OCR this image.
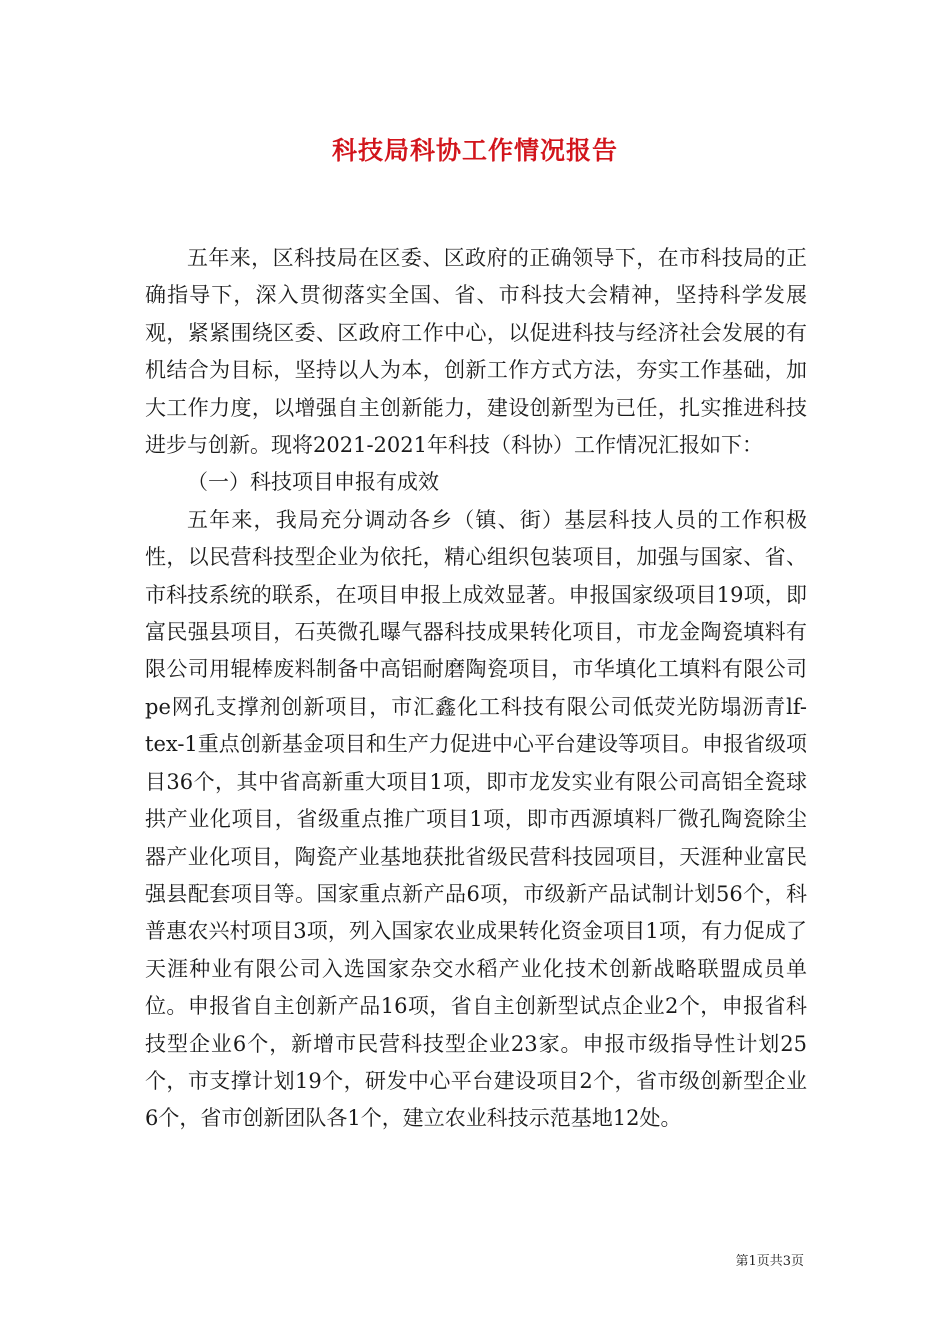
科技局科协工作情况报告

五年来，区科技局在区委、区政府的正确领导下，在市科技局的正确指导下，深入贯彻落实全国、省、市科技大会精神，坚持科学发展观，紧紧围绕区委、区政府工作中心，以促进科技与经济社会发展的有机结合为目标，坚持以人为本，创新工作方式方法，夯实工作基础，加大工作力度，以增强自主创新能力，建设创新型为已任，扎实推进科技进步与创新。现将2021-2021年科技（科协）工作情况汇报如下：

（一）科技项目申报有成效

五年来，我局充分调动各乡（镇、街）基层科技人员的工作积极性，以民营科技型企业为依托，精心组织包装项目，加强与国家、省、市科技系统的联系，在项目申报上成效显著。申报国家级项目19项，即富民强县项目，石英微孔曝气器科技成果转化项目，市龙金陶瓷填料有限公司用辊棒废料制备中高铝耐磨陶瓷项目，市华填化工填料有限公司pe网孔支撑剂创新项目，市汇鑫化工科技有限公司低荧光防塌沥青lf-tex-1重点创新基金项目和生产力促进中心平台建设等项目。申报省级项目36个，其中省高新重大项目1项，即市龙发实业有限公司高铝全瓷球拱产业化项目，省级重点推广项目1项，即市西源填料厂微孔陶瓷除尘器产业化项目，陶瓷产业基地获批省级民营科技园项目，天涯种业富民强县配套项目等。国家重点新产品6项，市级新产品试制计划56个，科普惠农兴村项目3项，列入国家农业成果转化资金项目1项，有力促成了天涯种业有限公司入选国家杂交水稻产业化技术创新战略联盟成员单位。申报省自主创新产品16项，省自主创新型试点企业2个，申报省科技型企业6个，新增市民营科技型企业23家。申报市级指导性计划25个，市支撑计划19个，研发中心平台建设项目2个，省市级创新型企业6个，省市创新团队各1个，建立农业科技示范基地12处。

第1页共3页
